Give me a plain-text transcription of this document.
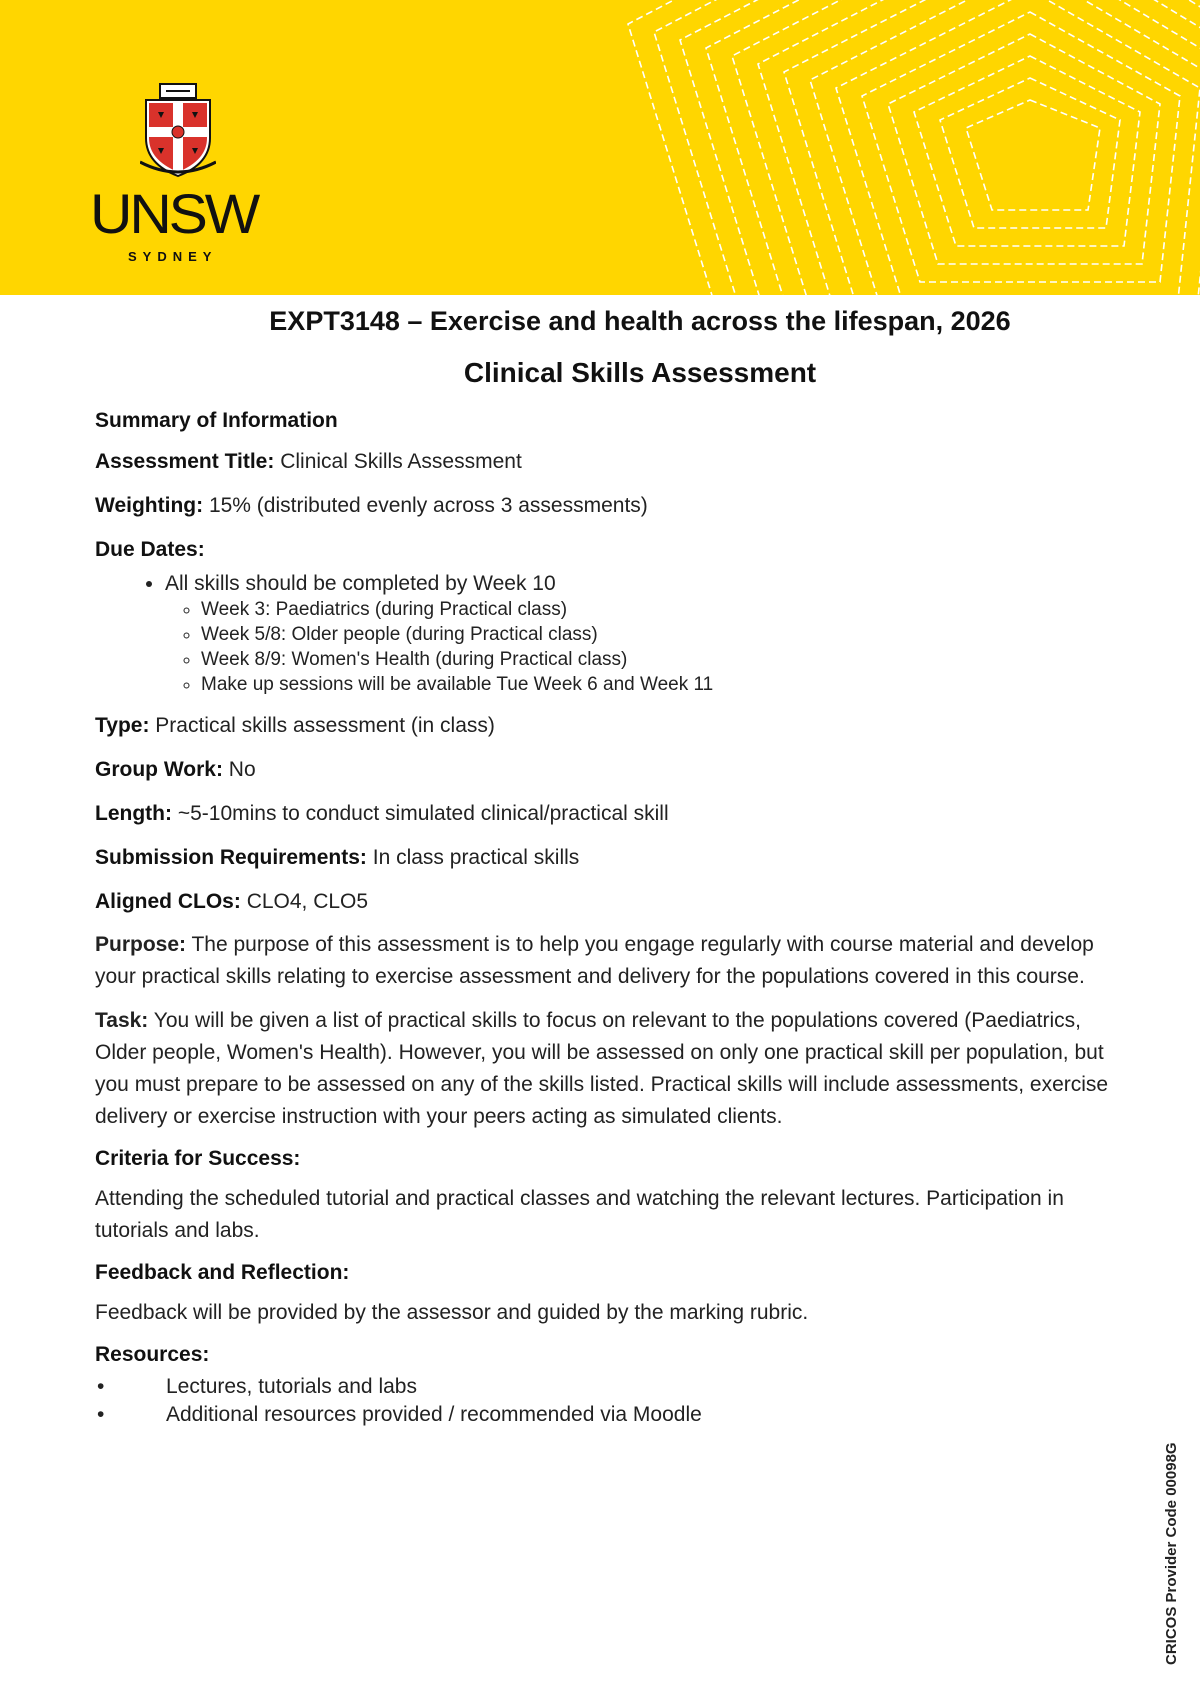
UNSW
SYDNEY

EXPT3148 – Exercise and health across the lifespan, 2026

Clinical Skills Assessment

Summary of Information

Assessment Title: Clinical Skills Assessment

Weighting: 15% (distributed evenly across 3 assessments)

Due Dates:

• All skills should be completed by Week 10
◦ Week 3: Paediatrics (during Practical class)
◦ Week 5/8: Older people (during Practical class)
◦ Week 8/9: Women's Health (during Practical class)
◦ Make up sessions will be available Tue Week 6 and Week 11

Type: Practical skills assessment (in class)

Group Work: No

Length: ~5-10mins to conduct simulated clinical/practical skill

Submission Requirements: In class practical skills

Aligned CLOs: CLO4, CLO5

Purpose: The purpose of this assessment is to help you engage regularly with course material and develop your practical skills relating to exercise assessment and delivery for the populations covered in this course.

Task: You will be given a list of practical skills to focus on relevant to the populations covered (Paediatrics, Older people, Women's Health). However, you will be assessed on only one practical skill per population, but you must prepare to be assessed on any of the skills listed. Practical skills will include assessments, exercise delivery or exercise instruction with your peers acting as simulated clients.

Criteria for Success:

Attending the scheduled tutorial and practical classes and watching the relevant lectures. Participation in tutorials and labs.

Feedback and Reflection:

Feedback will be provided by the assessor and guided by the marking rubric.

Resources:

• Lectures, tutorials and labs
• Additional resources provided / recommended via Moodle
CRICOS Provider Code 00098G
